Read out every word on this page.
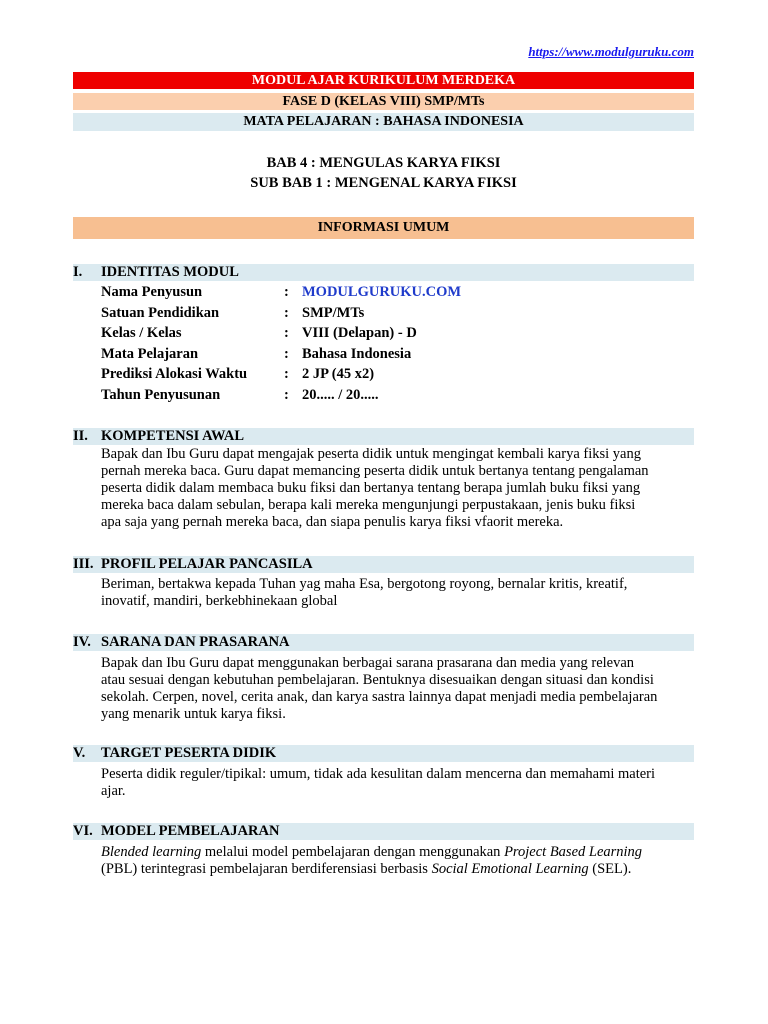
https://www.modulguruku.com
MODUL AJAR KURIKULUM MERDEKA
FASE D (KELAS VIII) SMP/MTs
MATA PELAJARAN : BAHASA INDONESIA
BAB 4 : MENGULAS KARYA FIKSI
SUB BAB 1 : MENGENAL KARYA FIKSI
INFORMASI UMUM
I. IDENTITAS MODUL
Nama Penyusun	: MODULGURUKU.COM
Satuan Pendidikan	: SMP/MTs
Kelas / Kelas	: VIII (Delapan) - D
Mata Pelajaran	: Bahasa Indonesia
Prediksi Alokasi Waktu	: 2 JP (45 x2)
Tahun Penyusunan	: 20..... / 20.....
II. KOMPETENSI AWAL
Bapak dan Ibu Guru dapat mengajak peserta didik untuk mengingat kembali karya fiksi yang
pernah mereka baca. Guru dapat memancing peserta didik untuk bertanya tentang pengalaman
peserta didik dalam membaca buku fiksi dan bertanya tentang berapa jumlah buku fiksi yang
mereka baca dalam sebulan, berapa kali mereka mengunjungi perpustakaan, jenis buku fiksi
apa saja yang pernah mereka baca, dan siapa penulis karya fiksi vfaorit mereka.
III. PROFIL PELAJAR PANCASILA
Beriman, bertakwa kepada Tuhan yag maha Esa, bergotong royong, bernalar kritis, kreatif,
inovatif, mandiri, berkebhinekaan global
IV. SARANA DAN PRASARANA
Bapak dan Ibu Guru dapat menggunakan berbagai sarana prasarana dan media yang relevan
atau sesuai dengan kebutuhan pembelajaran. Bentuknya disesuaikan dengan situasi dan kondisi
sekolah. Cerpen, novel, cerita anak, dan karya sastra lainnya dapat menjadi media pembelajaran
yang menarik untuk karya fiksi.
V. TARGET PESERTA DIDIK
Peserta didik reguler/tipikal: umum, tidak ada kesulitan dalam mencerna dan memahami materi
ajar.
VI. MODEL PEMBELAJARAN
Blended learning melalui model pembelajaran dengan menggunakan Project Based Learning
(PBL) terintegrasi pembelajaran berdiferensiasi berbasis Social Emotional Learning (SEL).
